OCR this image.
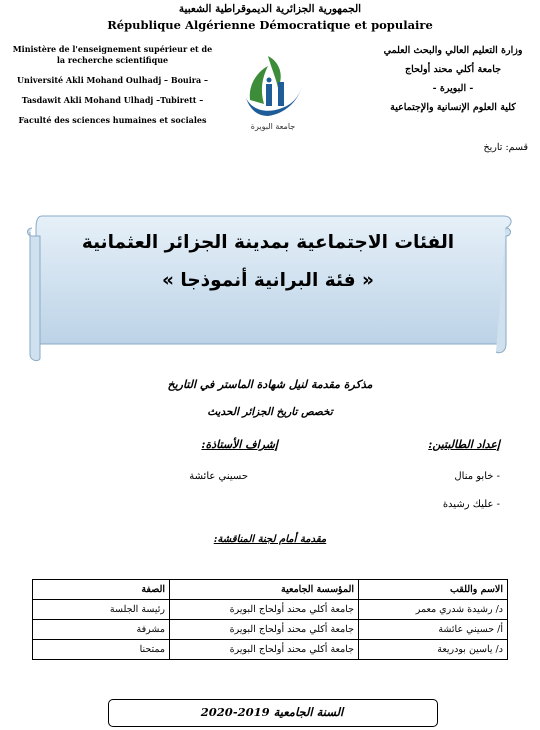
الجمهورية الجزائرية الديموقراطية الشعبية
République Algérienne Démocratique et populaire
Ministère de l'enseignement supérieur et de la recherche scientifique
Université Akli Mohand Oulhadj – Bouira –
Tasdawit Akli Mohand Ulhadj –Tubirett –
Faculté des sciences humaines et sociales
جامعة البويرة
وزارة التعليم العالي والبحث العلمي
جامعة أكلي محند أولحاج
- البويرة -
كلية العلوم الإنسانية والإجتماعية
قسم: تاريخ
الفئات الاجتماعية بمدينة الجزائر العثمانية
« فئة البرانية أنموذجا »
مذكرة مقدمة لنيل شهادة الماستر في التاريخ
تخصص تاريخ الجزائر الحديث
إعداد الطالبتين:
إشراف الأستاذة:
- خابو منال
- عليك رشيدة
حسيني عائشة
مقدمة أمام لجنة المناقشة:
الاسم واللقب	المؤسسة الجامعية	الصفة
د/ رشيدة شدري معمر	جامعة أكلي محند أولحاج البويرة	رئيسة الجلسة
أ/ حسيني عائشة	جامعة أكلي محند أولحاج البويرة	مشرفة
د/ ياسين بودريعة	جامعة أكلي محند أولحاج البويرة	ممتحنا
السنة الجامعية 2019-2020
